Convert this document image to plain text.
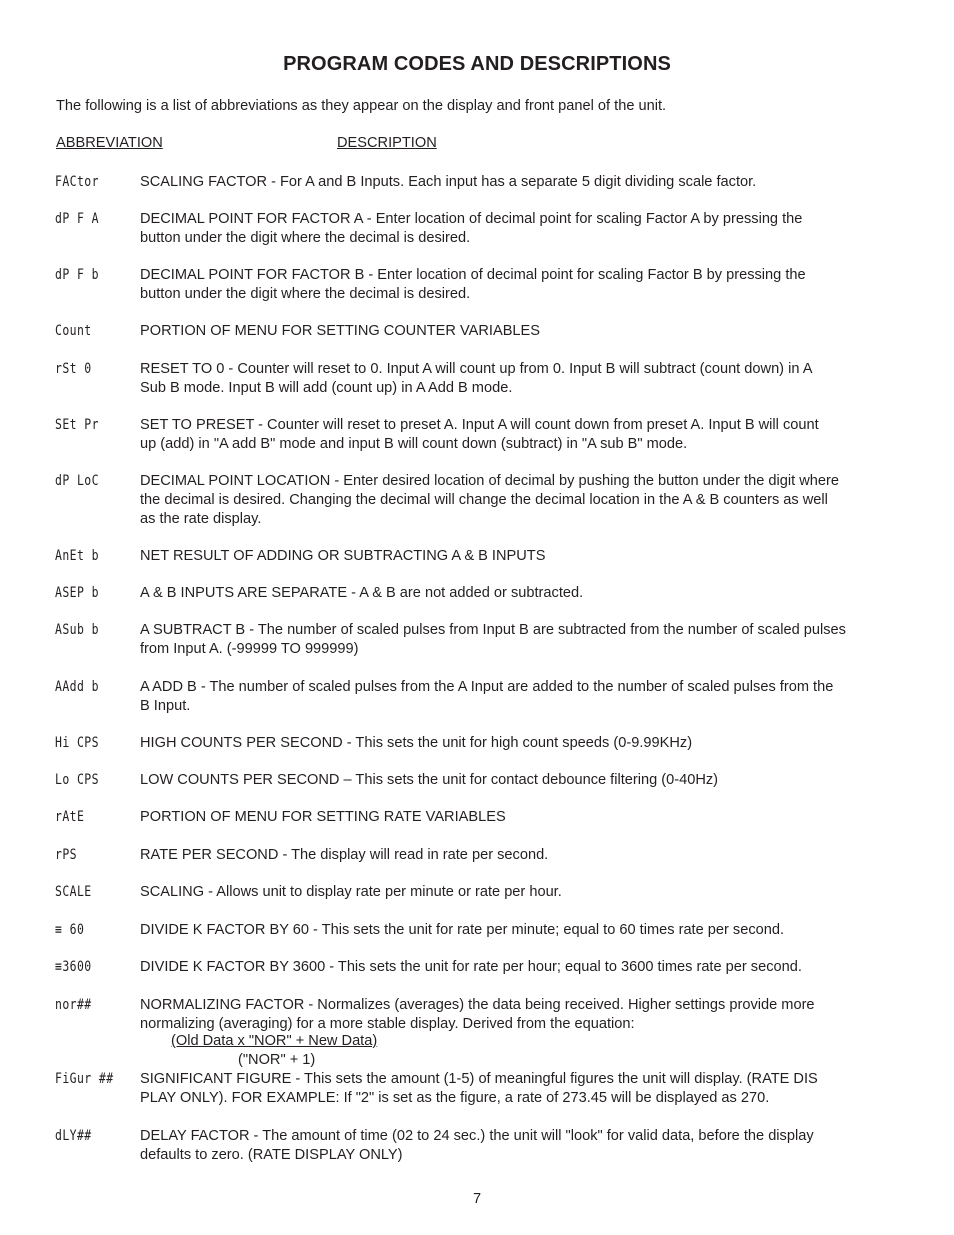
PROGRAM CODES AND DESCRIPTIONS
The following is a list of abbreviations as they appear on the display and front panel of the unit.
ABBREVIATION	DESCRIPTION
FACtor	SCALING FACTOR - For A and B Inputs. Each input has a separate 5 digit dividing scale factor.
dP F A	DECIMAL POINT FOR FACTOR A - Enter location of decimal point for scaling Factor A by pressing the
button under the digit where the decimal is desired.
dP F b	DECIMAL POINT FOR FACTOR B - Enter location of decimal point for scaling Factor B by pressing the
button under the digit where the decimal is desired.
Count	PORTION OF MENU FOR SETTING COUNTER VARIABLES
rSt 0	RESET TO 0 - Counter will reset to 0. Input A will count up from 0. Input B will subtract (count down) in A
Sub B mode. Input B will add (count up) in A Add B mode.
SEt Pr	SET TO PRESET - Counter will reset to preset A. Input A will count down from preset A. Input B will count
up (add) in "A add B" mode and input B will count down (subtract) in "A sub B" mode.
dP LoC	DECIMAL POINT LOCATION - Enter desired location of decimal by pushing the button under the digit where
the decimal is desired. Changing the decimal will change the decimal location in the A & B counters as well
as the rate display.
AnEt b	NET RESULT OF ADDING OR SUBTRACTING A & B INPUTS
ASEP b	A & B INPUTS ARE SEPARATE - A & B are not added or subtracted.
ASub b	A SUBTRACT B - The number of scaled pulses from Input B are subtracted from the number of scaled pulses
from Input A. (-99999 TO 999999)
AAdd b	A ADD B - The number of scaled pulses from the A Input are added to the number of scaled pulses from the
B Input.
Hi CPS	HIGH COUNTS PER SECOND - This sets the unit for high count speeds (0-9.99KHz)
Lo CPS	LOW COUNTS PER SECOND – This sets the unit for contact debounce filtering (0-40Hz)
rAtE	PORTION OF MENU FOR SETTING RATE VARIABLES
rPS	RATE PER SECOND - The display will read in rate per second.
SCALE	SCALING - Allows unit to display rate per minute or rate per hour.
≡ 60	DIVIDE K FACTOR BY 60 - This sets the unit for rate per minute; equal to 60 times rate per second.
≡3600	DIVIDE K FACTOR BY 3600 - This sets the unit for rate per hour; equal to 3600 times rate per second.
nor##	NORMALIZING FACTOR - Normalizes (averages) the data being received. Higher settings provide more
normalizing (averaging) for a more stable display. Derived from the equation:
FiGur ## SIGNIFICANT FIGURE - This sets the amount (1-5) of meaningful figures the unit will display. (RATE DIS
PLAY ONLY). FOR EXAMPLE: If "2" is set as the figure, a rate of 273.45 will be displayed as 270.
dLY##	DELAY FACTOR - The amount of time (02 to 24 sec.) the unit will "look" for valid data, before the display
defaults to zero. (RATE DISPLAY ONLY)
(Old Data x "NOR" + New Data)
("NOR" + 1)
7
